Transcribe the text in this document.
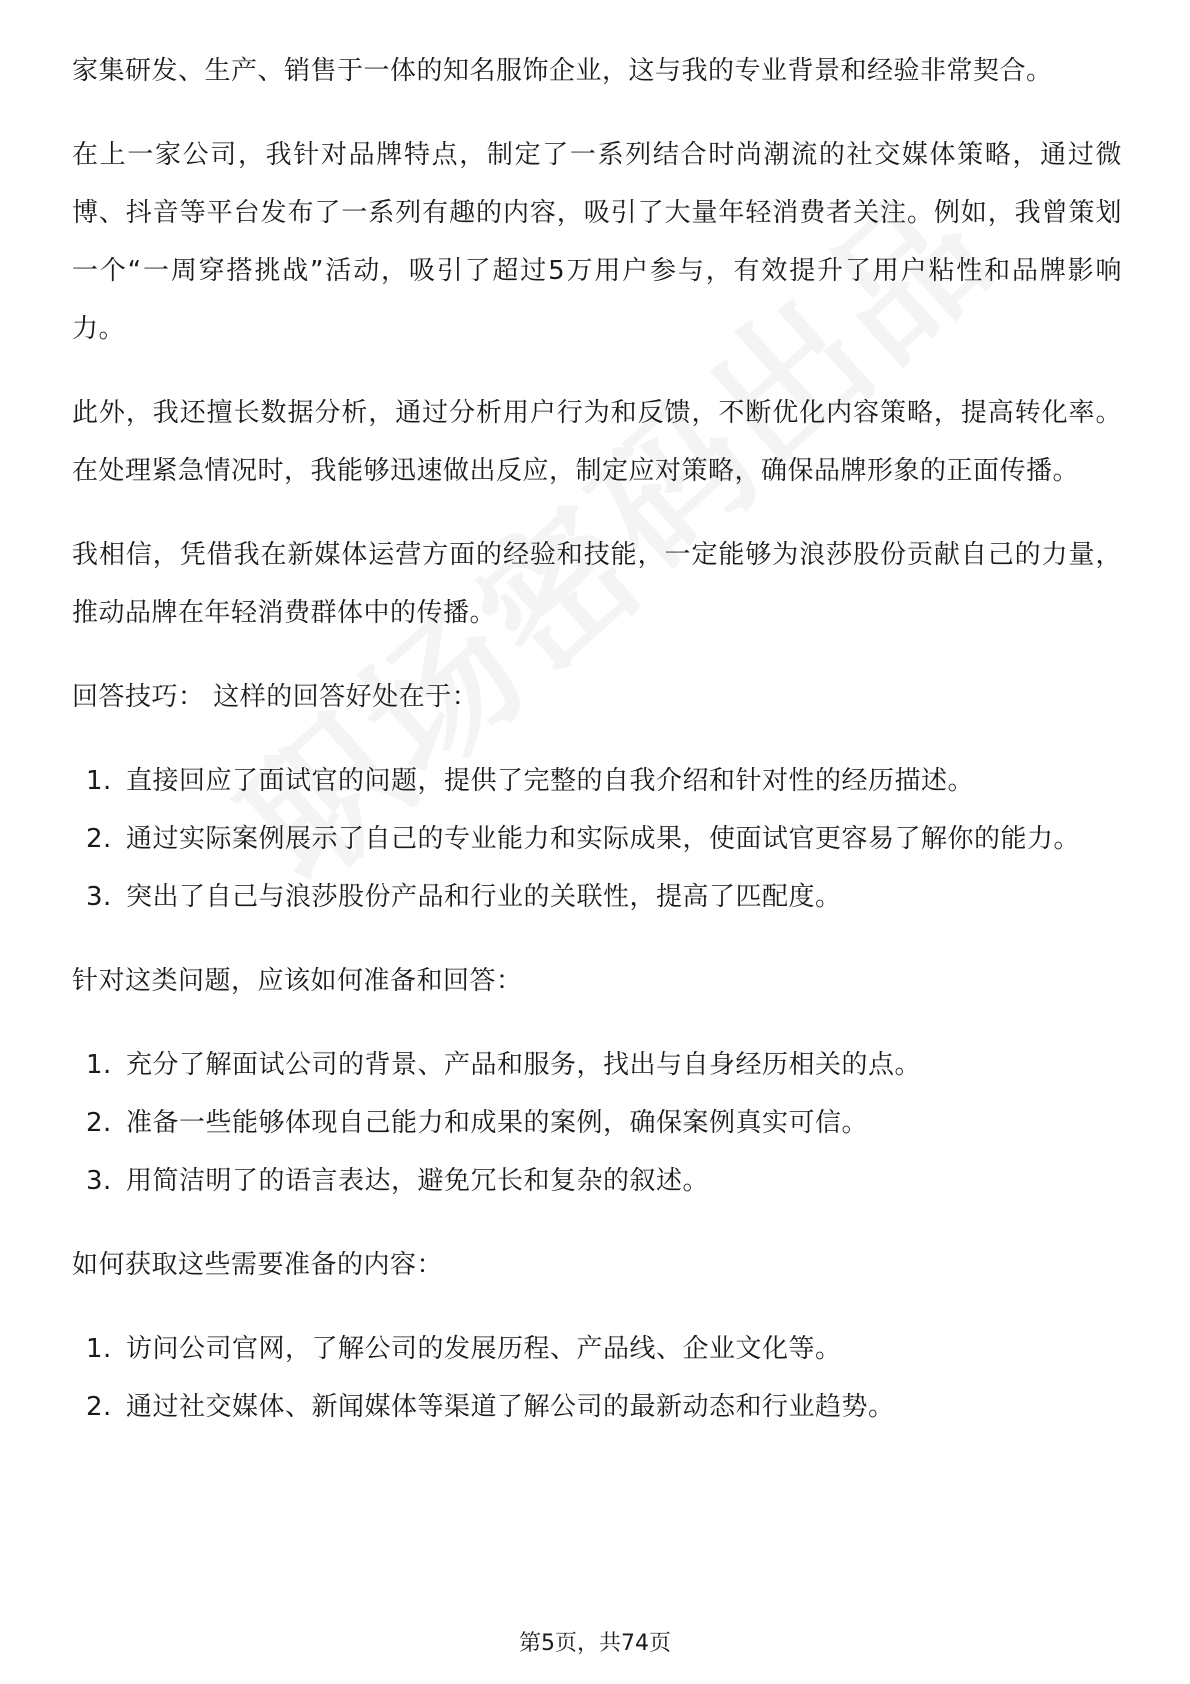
家集研发、生产、销售于一体的知名服饰企业，这与我的专业背景和经验非常契合。

在上一家公司，我针对品牌特点，制定了一系列结合时尚潮流的社交媒体策略，通过微博、抖音等平台发布了一系列有趣的内容，吸引了大量年轻消费者关注。例如，我曾策划一个“一周穿搭挑战”活动，吸引了超过5万用户参与，有效提升了用户粘性和品牌影响力。

此外，我还擅长数据分析，通过分析用户行为和反馈，不断优化内容策略，提高转化率。在处理紧急情况时，我能够迅速做出反应，制定应对策略，确保品牌形象的正面传播。

我相信，凭借我在新媒体运营方面的经验和技能，一定能够为浪莎股份贡献自己的力量，推动品牌在年轻消费群体中的传播。

回答技巧： 这样的回答好处在于：

1. 直接回应了面试官的问题，提供了完整的自我介绍和针对性的经历描述。
2. 通过实际案例展示了自己的专业能力和实际成果，使面试官更容易了解你的能力。
3. 突出了自己与浪莎股份产品和行业的关联性，提高了匹配度。

针对这类问题，应该如何准备和回答：

1. 充分了解面试公司的背景、产品和服务，找出与自身经历相关的点。
2. 准备一些能够体现自己能力和成果的案例，确保案例真实可信。
3. 用简洁明了的语言表达，避免冗长和复杂的叙述。

如何获取这些需要准备的内容：

1. 访问公司官网，了解公司的发展历程、产品线、企业文化等。
2. 通过社交媒体、新闻媒体等渠道了解公司的最新动态和行业趋势。
第5页，共74页
